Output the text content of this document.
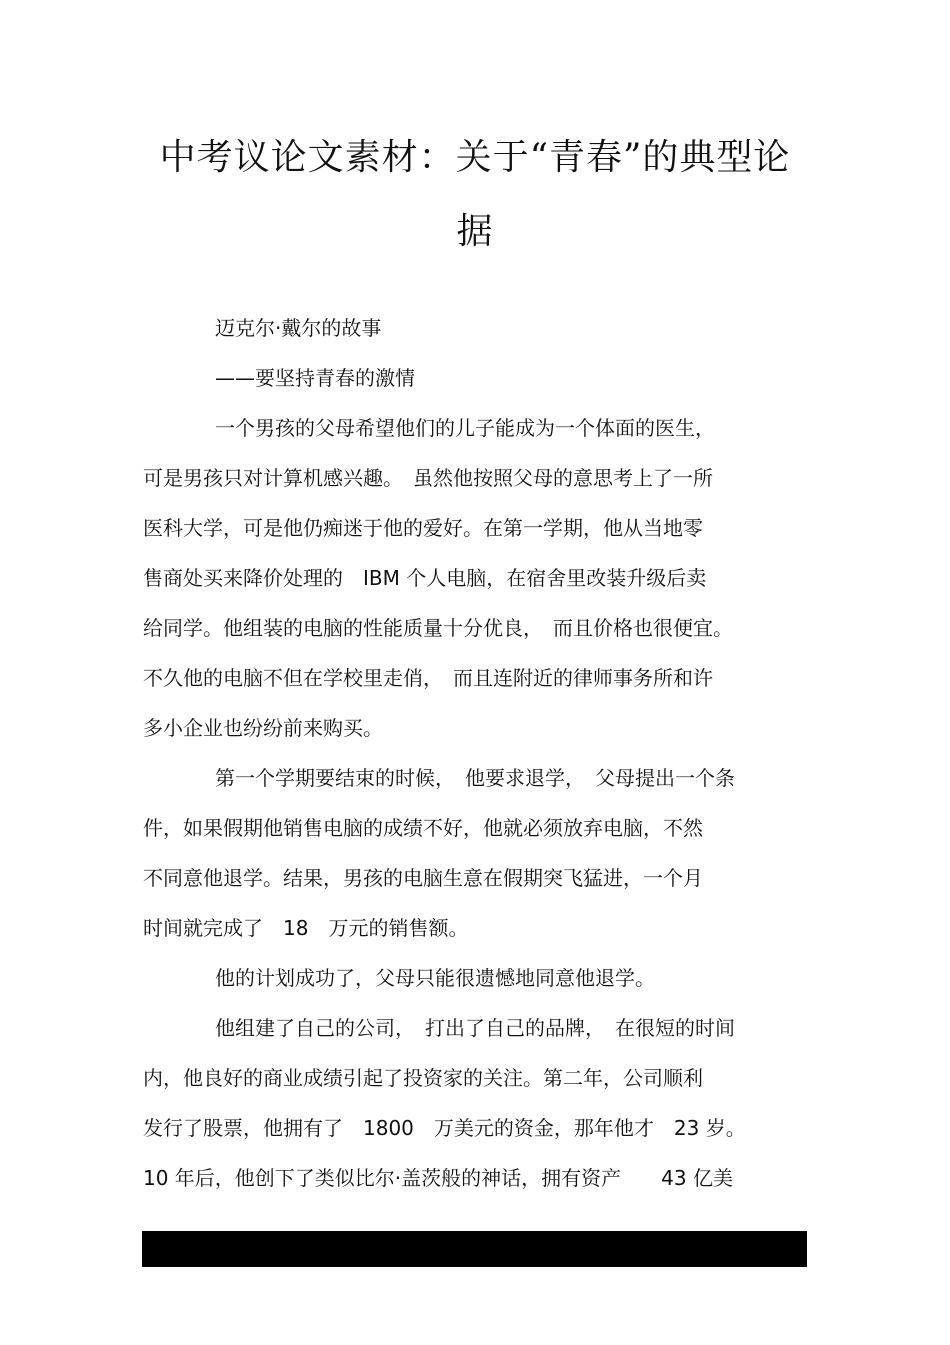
中考议论文素材：关于“青春”的典型论
据
迈克尔·戴尔的故事
——要坚持青春的激情
一个男孩的父母希望他们的儿子能成为一个体面的医生，
可是男孩只对计算机感兴趣。　虽然他按照父母的意思考上了一所
医科大学，可是他仍痴迷于他的爱好。在第一学期，他从当地零
售商处买来降价处理的　IBM 个人电脑，在宿舍里改装升级后卖
给同学。他组装的电脑的性能质量十分优良，　而且价格也很便宜。
不久他的电脑不但在学校里走俏，　而且连附近的律师事务所和许
多小企业也纷纷前来购买。
第一个学期要结束的时候，　他要求退学，　父母提出一个条
件，如果假期他销售电脑的成绩不好，他就必须放弃电脑，不然
不同意他退学。结果，男孩的电脑生意在假期突飞猛进，一个月
时间就完成了　18　万元的销售额。
他的计划成功了，父母只能很遗憾地同意他退学。
他组建了自己的公司，　打出了自己的品牌，　在很短的时间
内，他良好的商业成绩引起了投资家的关注。第二年，公司顺利
发行了股票，他拥有了　1800　万美元的资金，那年他才　23 岁。
10 年后，他创下了类似比尔·盖茨般的神话，拥有资产　　43 亿美
